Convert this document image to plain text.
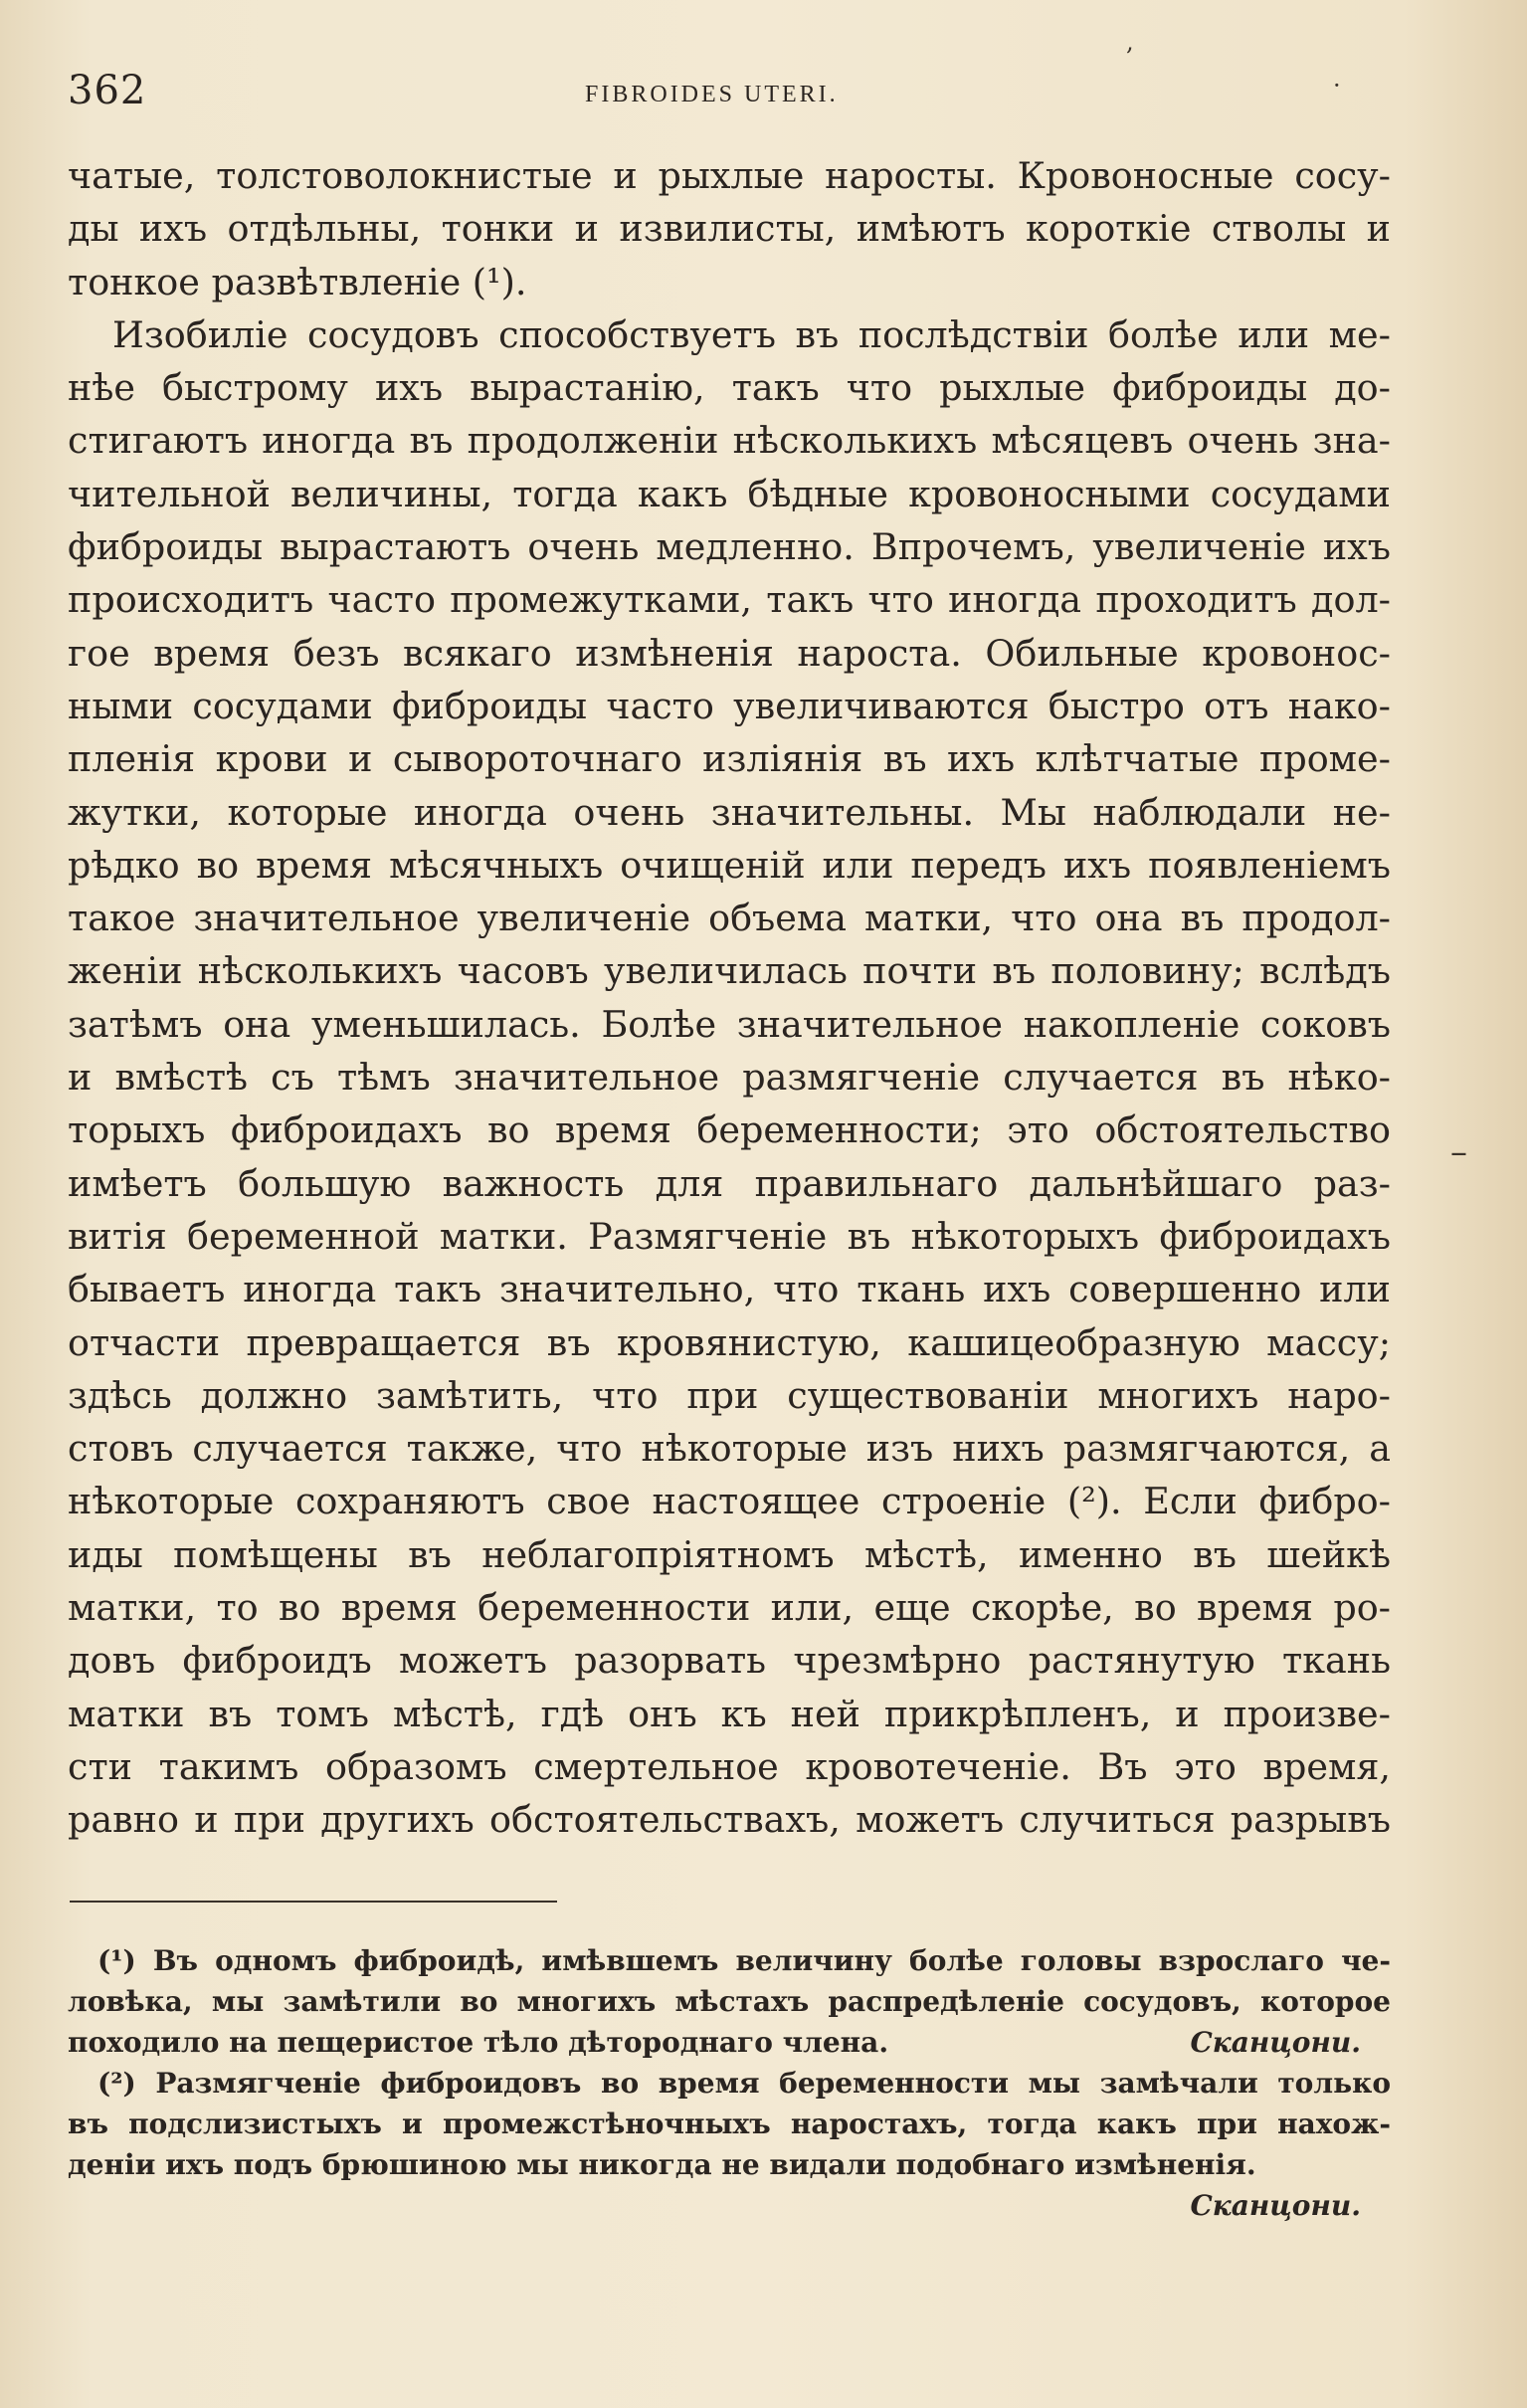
362	FIBROIDES UTERI.
,
·
–
чатые, толстоволокнистые и рыхлые наросты. Кровоносные сосу-
ды ихъ отдѣльны, тонки и извилисты, имѣютъ короткіе стволы и
тонкое развѣтвленіе (¹).
Изобиліе сосудовъ способствуетъ въ послѣдствіи болѣе или ме-
нѣе быстрому ихъ вырастанію, такъ что рыхлые фиброиды до-
стигаютъ иногда въ продолженіи нѣсколькихъ мѣсяцевъ очень зна-
чительной величины, тогда какъ бѣдные кровоносными сосудами
фиброиды вырастаютъ очень медленно. Впрочемъ, увеличеніе ихъ
происходитъ часто промежутками, такъ что иногда проходитъ дол-
гое время безъ всякаго измѣненія нароста. Обильные кровонос-
ными сосудами фиброиды часто увеличиваются быстро отъ нако-
пленія крови и сывороточнаго изліянія въ ихъ клѣтчатые проме-
жутки, которые иногда очень значительны. Мы наблюдали не-
рѣдко во время мѣсячныхъ очищеній или передъ ихъ появленіемъ
такое значительное увеличеніе объема матки, что она въ продол-
женіи нѣсколькихъ часовъ увеличилась почти въ половину; вслѣдъ
затѣмъ она уменьшилась. Болѣе значительное накопленіе соковъ
и вмѣстѣ съ тѣмъ значительное размягченіе случается въ нѣко-
торыхъ фиброидахъ во время беременности; это обстоятельство
имѣетъ большую важность для правильнаго дальнѣйшаго раз-
витія беременной матки. Размягченіе въ нѣкоторыхъ фиброидахъ
бываетъ иногда такъ значительно, что ткань ихъ совершенно или
отчасти превращается въ кровянистую, кашицеобразную массу;
здѣсь должно замѣтить, что при существованіи многихъ наро-
стовъ случается также, что нѣкоторые изъ нихъ размягчаются, а
нѣкоторые сохраняютъ свое настоящее строеніе (²). Если фибро-
иды помѣщены въ неблагопріятномъ мѣстѣ, именно въ шейкѣ
матки, то во время беременности или, еще скорѣе, во время ро-
довъ фиброидъ можетъ разорвать чрезмѣрно растянутую ткань
матки въ томъ мѣстѣ, гдѣ онъ къ ней прикрѣпленъ, и произве-
сти такимъ образомъ смертельное кровотеченіе. Въ это время,
равно и при другихъ обстоятельствахъ, можетъ случиться разрывъ
(¹) Въ одномъ фиброидѣ, имѣвшемъ величину болѣе головы взрослаго че-
ловѣка, мы замѣтили во многихъ мѣстахъ распредѣленіе сосудовъ, которое
походило на пещеристое тѣло дѣтороднаго члена.	Сканцони.
(²) Размягченіе фиброидовъ во время беременности мы замѣчали только
въ подслизистыхъ и промежстѣночныхъ наростахъ, тогда какъ при нахож-
деніи ихъ подъ брюшиною мы никогда не видали подобнаго измѣненія.
Сканцони.
